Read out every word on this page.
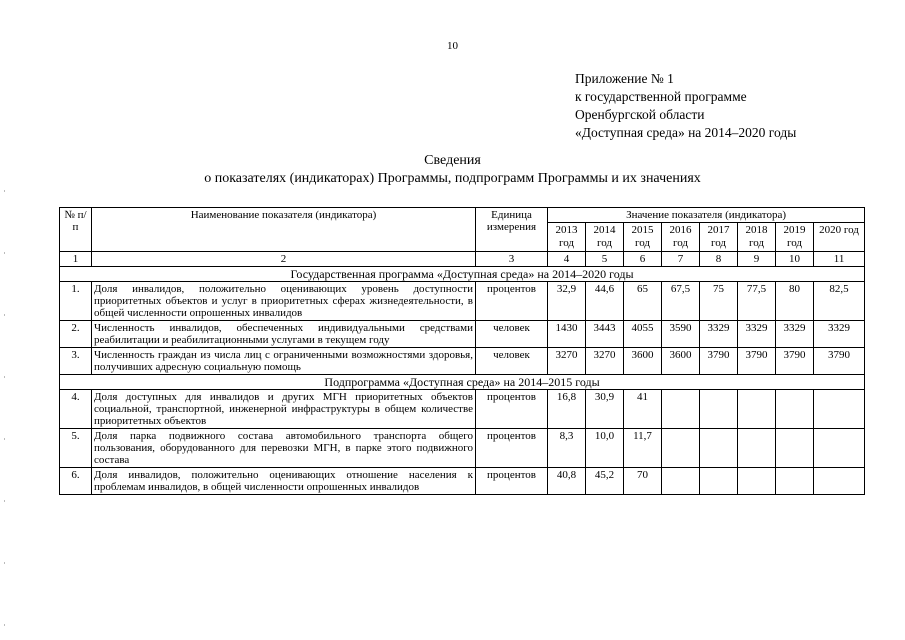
10
Приложение № 1
к государственной программе
Оренбургской области
«Доступная среда» на 2014–2020 годы
Сведения
о показателях (индикаторах) Программы, подпрограмм Программы и их значениях
№ п/п	Наименование показателя (индикатора)	Единица измерения	Значение показателя (индикатора)							
			2013 год	2014 год	2015 год	2016 год	2017 год	2018 год	2019 год	2020 год
1	2	3	4	5	6	7	8	9	10	11
Государственная программа «Доступная среда» на 2014–2020 годы										
1.	Доля инвалидов, положительно оценивающих уровень доступности приоритетных объектов и услуг в приоритетных сферах жизнедеятельности, в общей численности опрошенных инвалидов	процентов	32,9	44,6	65	67,5	75	77,5	80	82,5
2.	Численность инвалидов, обеспеченных индивидуальными средствами реабилитации и реабилитационными услугами в текущем году	человек	1430	3443	4055	3590	3329	3329	3329	3329
3.	Численность граждан из числа лиц с ограниченными возможностями здоровья, получивших адресную социальную помощь	человек	3270	3270	3600	3600	3790	3790	3790	3790
Подпрограмма «Доступная среда» на 2014–2015 годы										
4.	Доля доступных для инвалидов и других МГН приоритетных объектов социальной, транспортной, инженерной инфраструктуры в общем количестве приоритетных объектов	процентов	16,8	30,9	41					
5.	Доля парка подвижного состава автомобильного транспорта общего пользования, оборудованного для перевозки МГН, в парке этого подвижного состава	процентов	8,3	10,0	11,7					
6.	Доля инвалидов, положительно оценивающих отношение населения к проблемам инвалидов, в общей численности опрошенных инвалидов	процентов	40,8	45,2	70					
